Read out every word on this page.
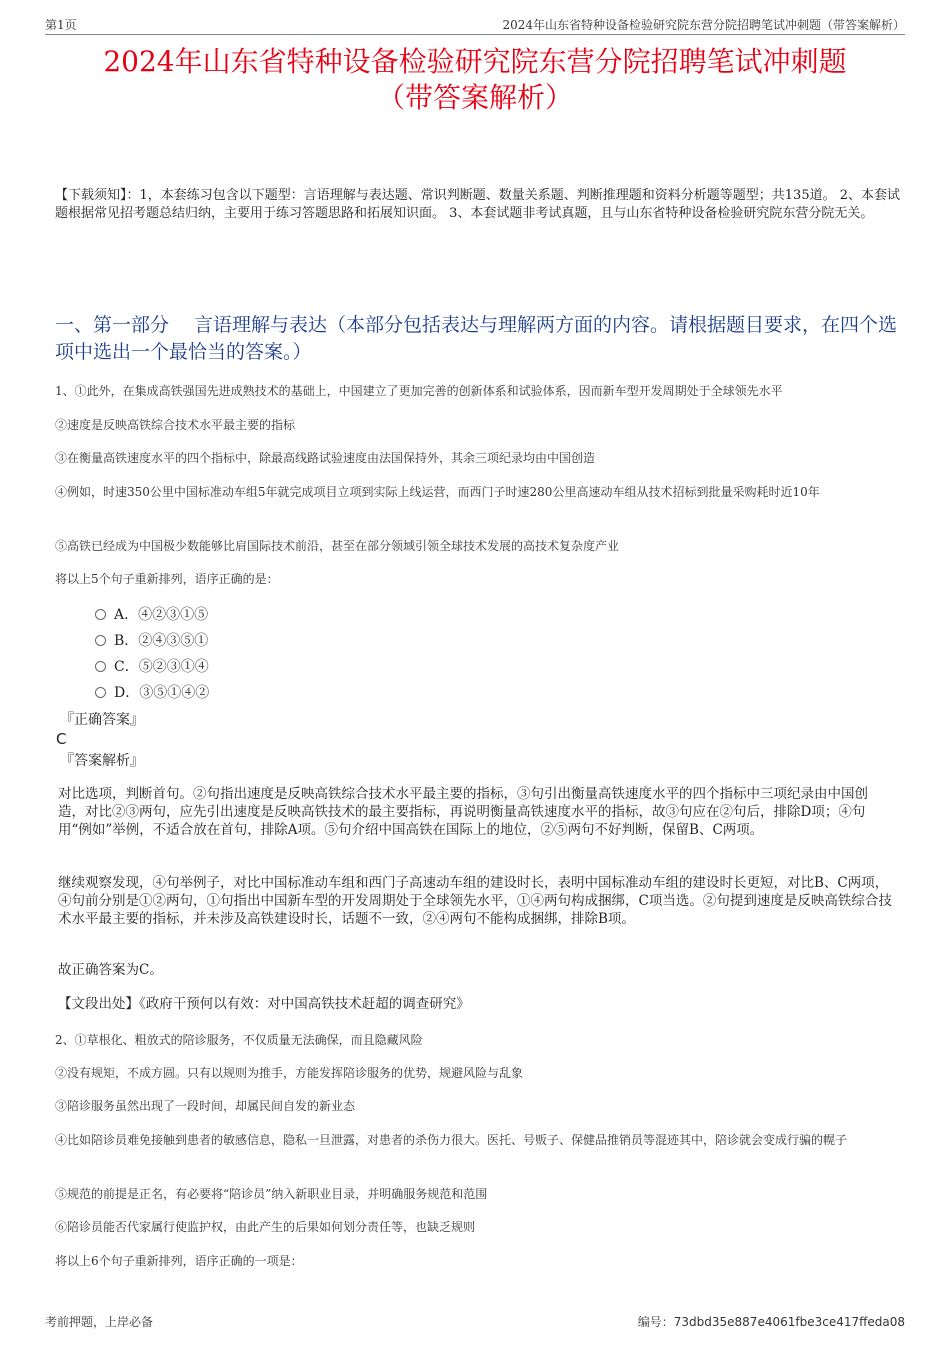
第1页	2024年山东省特种设备检验研究院东营分院招聘笔试冲刺题（带答案解析）
2024年山东省特种设备检验研究院东营分院招聘笔试冲刺题
（带答案解析）

【下载须知】：1，本套练习包含以下题型：言语理解与表达题、常识判断题、数量关系题、判断推理题和资料分析题等题型；共135道。 2、本套试题根据常见招考题总结归纳，主要用于练习答题思路和拓展知识面。 3、本套试题非考试真题，且与山东省特种设备检验研究院东营分院无关。

一、第一部分　 言语理解与表达（本部分包括表达与理解两方面的内容。请根据题目要求，在四个选项中选出一个最恰当的答案。）

1、①此外，在集成高铁强国先进成熟技术的基础上，中国建立了更加完善的创新体系和试验体系，因而新车型开发周期处于全球领先水平

②速度是反映高铁综合技术水平最主要的指标

③在衡量高铁速度水平的四个指标中，除最高线路试验速度由法国保持外，其余三项纪录均由中国创造

④例如，时速350公里中国标准动车组5年就完成项目立项到实际上线运营，而西门子时速280公里高速动车组从技术招标到批量采购耗时近10年

⑤高铁已经成为中国极少数能够比肩国际技术前沿，甚至在部分领域引领全球技术发展的高技术复杂度产业

将以上5个句子重新排列，语序正确的是：

A．④②③①⑤
B．②④③⑤①
C．⑤②③①④
D．③⑤①④②
『正确答案』
C
『答案解析』

对比选项，判断首句。②句指出速度是反映高铁综合技术水平最主要的指标，③句引出衡量高铁速度水平的四个指标中三项纪录由中国创造，对比②③两句，应先引出速度是反映高铁技术的最主要指标，再说明衡量高铁速度水平的指标，故③句应在②句后，排除D项；④句用“例如”举例，不适合放在首句，排除A项。⑤句介绍中国高铁在国际上的地位，②⑤两句不好判断，保留B、C两项。

继续观察发现，④句举例子，对比中国标准动车组和西门子高速动车组的建设时长，表明中国标准动车组的建设时长更短，对比B、C两项，④句前分别是①②两句，①句指出中国新车型的开发周期处于全球领先水平，①④两句构成捆绑，C项当选。②句提到速度是反映高铁综合技术水平最主要的指标，并未涉及高铁建设时长，话题不一致，②④两句不能构成捆绑，排除B项。

故正确答案为C。

【文段出处】《政府干预何以有效：对中国高铁技术赶超的调查研究》

2、①草根化、粗放式的陪诊服务，不仅质量无法确保，而且隐藏风险

②没有规矩，不成方圆。只有以规则为推手，方能发挥陪诊服务的优势，规避风险与乱象

③陪诊服务虽然出现了一段时间，却属民间自发的新业态

④比如陪诊员难免接触到患者的敏感信息，隐私一旦泄露，对患者的杀伤力很大。医托、号贩子、保健品推销员等混迹其中，陪诊就会变成行骗的幌子

⑤规范的前提是正名，有必要将“陪诊员”纳入新职业目录，并明确服务规范和范围

⑥陪诊员能否代家属行使监护权，由此产生的后果如何划分责任等，也缺乏规则

将以上6个句子重新排列，语序正确的一项是：

考前押题，上岸必备	编号：73dbd35e887e4061fbe3ce417ffeda08
